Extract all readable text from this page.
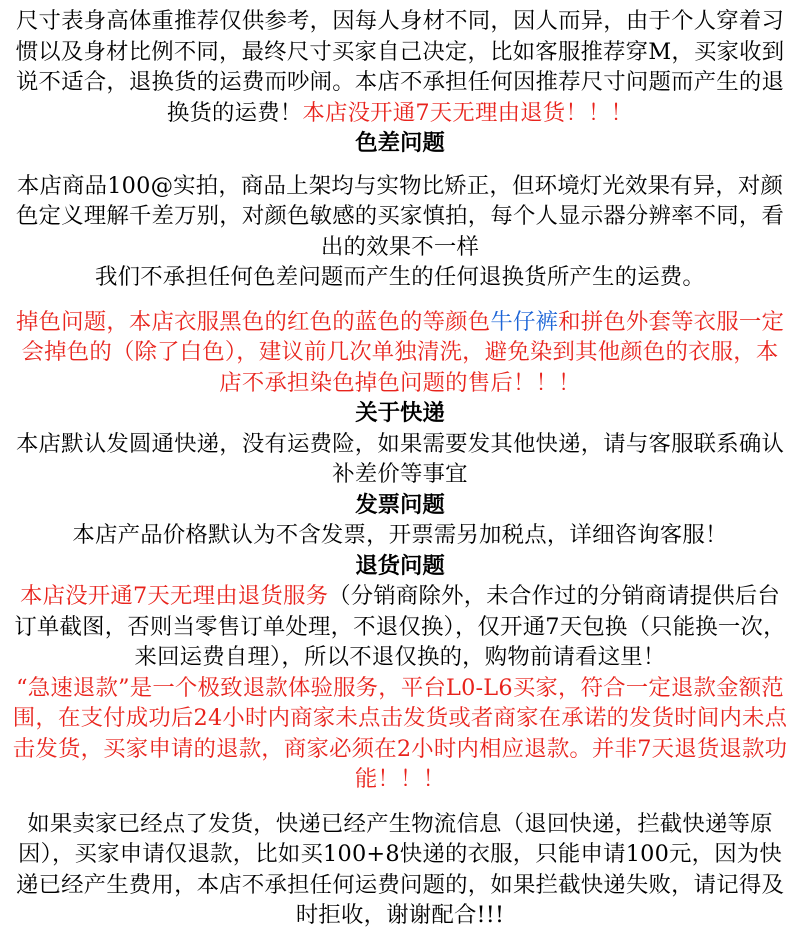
尺寸表身高体重推荐仅供参考，因每人身材不同，因人而异，由于个人穿着习惯以及身材比例不同，最终尺寸买家自己决定，比如客服推荐穿M，买家收到说不适合，退换货的运费而吵闹。本店不承担任何因推荐尺寸问题而产生的退换货的运费！本店没开通7天无理由退货！！！

色差问题

本店商品100@实拍，商品上架均与实物比矫正，但环境灯光效果有异，对颜色定义理解千差万别，对颜色敏感的买家慎拍，每个人显示器分辨率不同，看出的效果不一样

我们不承担任何色差问题而产生的任何退换货所产生的运费。

掉色问题，本店衣服黑色的红色的蓝色的等颜色牛仔裤和拼色外套等衣服一定会掉色的（除了白色），建议前几次单独清洗，避免染到其他颜色的衣服，本店不承担染色掉色问题的售后！！！

关于快递

本店默认发圆通快递，没有运费险，如果需要发其他快递，请与客服联系确认补差价等事宜

发票问题

本店产品价格默认为不含发票，开票需另加税点，详细咨询客服！

退货问题

本店没开通7天无理由退货服务（分销商除外，未合作过的分销商请提供后台订单截图，否则当零售订单处理，不退仅换），仅开通7天包换（只能换一次，来回运费自理），所以不退仅换的，购物前请看这里！

“急速退款”是一个极致退款体验服务，平台L0-L6买家，符合一定退款金额范围，在支付成功后24小时内商家未点击发货或者商家在承诺的发货时间内未点击发货，买家申请的退款，商家必须在2小时内相应退款。并非7天退货退款功能！！！

如果卖家已经点了发货，快递已经产生物流信息（退回快递，拦截快递等原因），买家申请仅退款，比如买100+8快递的衣服，只能申请100元，因为快递已经产生费用，本店不承担任何运费问题的，如果拦截快递失败，请记得及时拒收，谢谢配合!!!
